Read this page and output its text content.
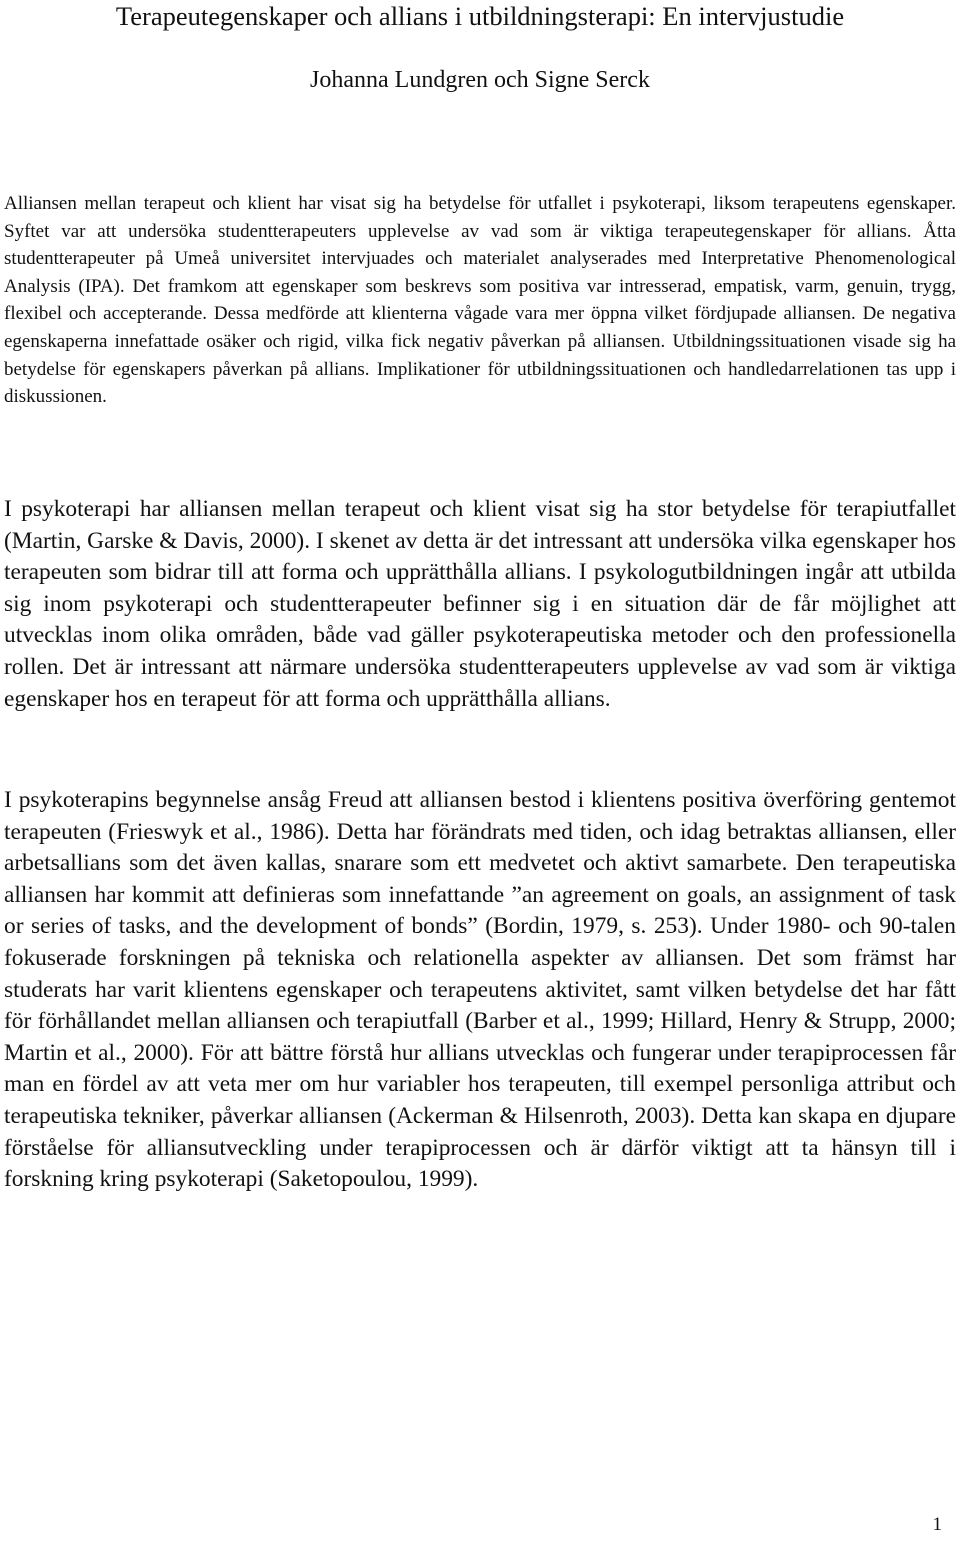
Terapeutegenskaper och allians i utbildningsterapi: En intervjustudie

Johanna Lundgren och Signe Serck

Alliansen mellan terapeut och klient har visat sig ha betydelse för utfallet i psykoterapi, liksom terapeutens egenskaper. Syftet var att undersöka studentterapeuters upplevelse av vad som är viktiga terapeutegenskaper för allians. Åtta studentterapeuter på Umeå universitet intervjuades och materialet analyserades med Interpretative Phenomenological Analysis (IPA). Det framkom att egenskaper som beskrevs som positiva var intresserad, empatisk, varm, genuin, trygg, flexibel och accepterande. Dessa medförde att klienterna vågade vara mer öppna vilket fördjupade alliansen. De negativa egenskaperna innefattade osäker och rigid, vilka fick negativ påverkan på alliansen. Utbildningssituationen visade sig ha betydelse för egenskapers påverkan på allians. Implikationer för utbildningssituationen och handledarrelationen tas upp i diskussionen.

I psykoterapi har alliansen mellan terapeut och klient visat sig ha stor betydelse för terapiutfallet (Martin, Garske & Davis, 2000). I skenet av detta är det intressant att undersöka vilka egenskaper hos terapeuten som bidrar till att forma och upprätthålla allians. I psykologutbildningen ingår att utbilda sig inom psykoterapi och studentterapeuter befinner sig i en situation där de får möjlighet att utvecklas inom olika områden, både vad gäller psykoterapeutiska metoder och den professionella rollen. Det är intressant att närmare undersöka studentterapeuters upplevelse av vad som är viktiga egenskaper hos en terapeut för att forma och upprätthålla allians.

I psykoterapins begynnelse ansåg Freud att alliansen bestod i klientens positiva överföring gentemot terapeuten (Frieswyk et al., 1986). Detta har förändrats med tiden, och idag betraktas alliansen, eller arbetsallians som det även kallas, snarare som ett medvetet och aktivt samarbete. Den terapeutiska alliansen har kommit att definieras som innefattande ”an agreement on goals, an assignment of task or series of tasks, and the development of bonds” (Bordin, 1979, s. 253). Under 1980- och 90-talen fokuserade forskningen på tekniska och relationella aspekter av alliansen. Det som främst har studerats har varit klientens egenskaper och terapeutens aktivitet, samt vilken betydelse det har fått för förhållandet mellan alliansen och terapiutfall (Barber et al., 1999; Hillard, Henry & Strupp, 2000; Martin et al., 2000). För att bättre förstå hur allians utvecklas och fungerar under terapiprocessen får man en fördel av att veta mer om hur variabler hos terapeuten, till exempel personliga attribut och terapeutiska tekniker, påverkar alliansen (Ackerman & Hilsenroth, 2003). Detta kan skapa en djupare förståelse för alliansutveckling under terapiprocessen och är därför viktigt att ta hänsyn till i forskning kring psykoterapi (Saketopoulou, 1999).

1
